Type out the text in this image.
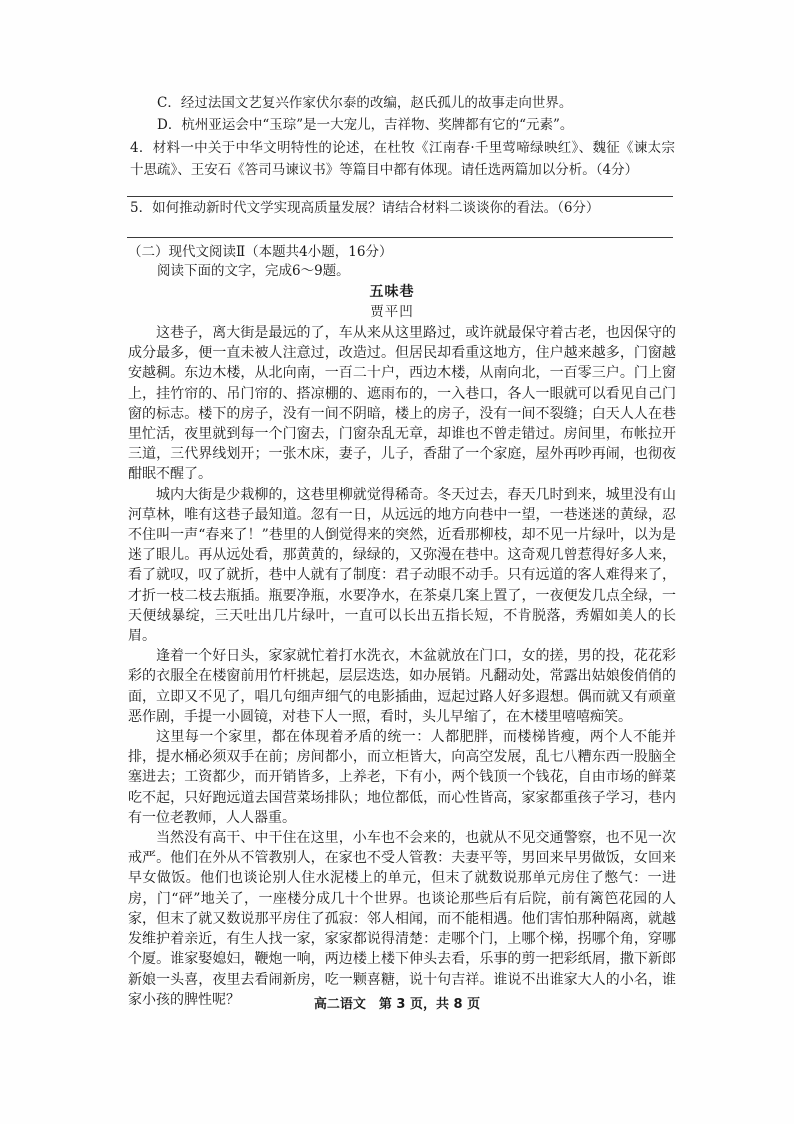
C．经过法国文艺复兴作家伏尔泰的改编，赵氏孤儿的故事走向世界。
D．杭州亚运会中“玉琮”是一大宠儿，吉祥物、奖牌都有它的“元素”。
4．材料一中关于中华文明特性的论述，在杜牧《江南春·千里莺啼绿映红》、魏征《谏太宗十思疏》、王安石《答司马谏议书》等篇目中都有体现。请任选两篇加以分析。（4分）
5．如何推动新时代文学实现高质量发展？请结合材料二谈谈你的看法。（6分）
（二）现代文阅读Ⅱ（本题共4小题，16分）
阅读下面的文字，完成6～9题。
五味巷
贾平凹

这巷子，离大街是最远的了，车从来从这里路过，或许就最保守着古老，也因保守的成分最多，便一直未被人注意过，改造过。但居民却看重这地方，住户越来越多，门窗越安越稠。东边木楼，从北向南，一百二十户，西边木楼，从南向北，一百零三户。门上窗上，挂竹帘的、吊门帘的、搭凉棚的、遮雨布的，一入巷口，各人一眼就可以看见自己门窗的标志。楼下的房子，没有一间不阴暗，楼上的房子，没有一间不裂缝；白天人人在巷里忙活，夜里就到每一个门窗去，门窗杂乱无章，却谁也不曾走错过。房间里，布帐拉开三道，三代界线划开；一张木床，妻子，儿子，香甜了一个家庭，屋外再吵再闹，也彻夜酣眠不醒了。

城内大街是少栽柳的，这巷里柳就觉得稀奇。冬天过去，春天几时到来，城里没有山河草林，唯有这巷子最知道。忽有一日，从远远的地方向巷中一望，一巷迷迷的黄绿，忍不住叫一声“春来了！”巷里的人倒觉得来的突然，近看那柳枝，却不见一片绿叶，以为是迷了眼儿。再从远处看，那黄黄的，绿绿的，又弥漫在巷中。这奇观几曾惹得好多人来，看了就叹，叹了就折，巷中人就有了制度：君子动眼不动手。只有远道的客人难得来了，才折一枝二枝去瓶插。瓶要净瓶，水要净水，在茶桌几案上置了，一夜便发几点全绿，一天便绒暴绽，三天吐出几片绿叶，一直可以长出五指长短，不肯脱落，秀媚如美人的长眉。

逢着一个好日头，家家就忙着打水洗衣，木盆就放在门口，女的搓，男的投，花花彩彩的衣服全在楼窗前用竹杆挑起，层层迭迭，如办展销。凡翻动处，常露出姑娘俊俏俏的面，立即又不见了，唱几句细声细气的电影插曲，逗起过路人好多遐想。偶而就又有顽童恶作剧，手提一小圆镜，对巷下人一照，看时，头儿早缩了，在木楼里嘻嘻痴笑。

这里每一个家里，都在体现着矛盾的统一：人都肥胖，而楼梯皆瘦，两个人不能并排，提水桶必须双手在前；房间都小，而立柜皆大，向高空发展，乱七八糟东西一股脑全塞进去；工资都少，而开销皆多，上养老，下有小，两个钱顶一个钱花，自由市场的鲜菜吃不起，只好跑远道去国营菜场排队；地位都低，而心性皆高，家家都重孩子学习，巷内有一位老教师，人人器重。

当然没有高干、中干住在这里，小车也不会来的，也就从不见交通警察，也不见一次戒严。他们在外从不管教别人，在家也不受人管教：夫妻平等，男回来早男做饭，女回来早女做饭。他们也谈论别人住水泥楼上的单元，但末了就数说那单元房住了憋气：一进房，门“砰”地关了，一座楼分成几十个世界。也谈论那些后有后院，前有篱笆花园的人家，但末了就又数说那平房住了孤寂：邻人相闻，而不能相遇。他们害怕那种隔离，就越发维护着亲近，有生人找一家，家家都说得清楚：走哪个门，上哪个梯，拐哪个角，穿哪个厦。谁家娶媳妇，鞭炮一响，两边楼上楼下伸头去看，乐事的剪一把彩纸屑，撒下新郎新娘一头喜，夜里去看闹新房，吃一颗喜糖，说十句吉祥。谁说不出谁家大人的小名，谁家小孩的脾性呢？	高二语文　第 3 页，共 8 页
